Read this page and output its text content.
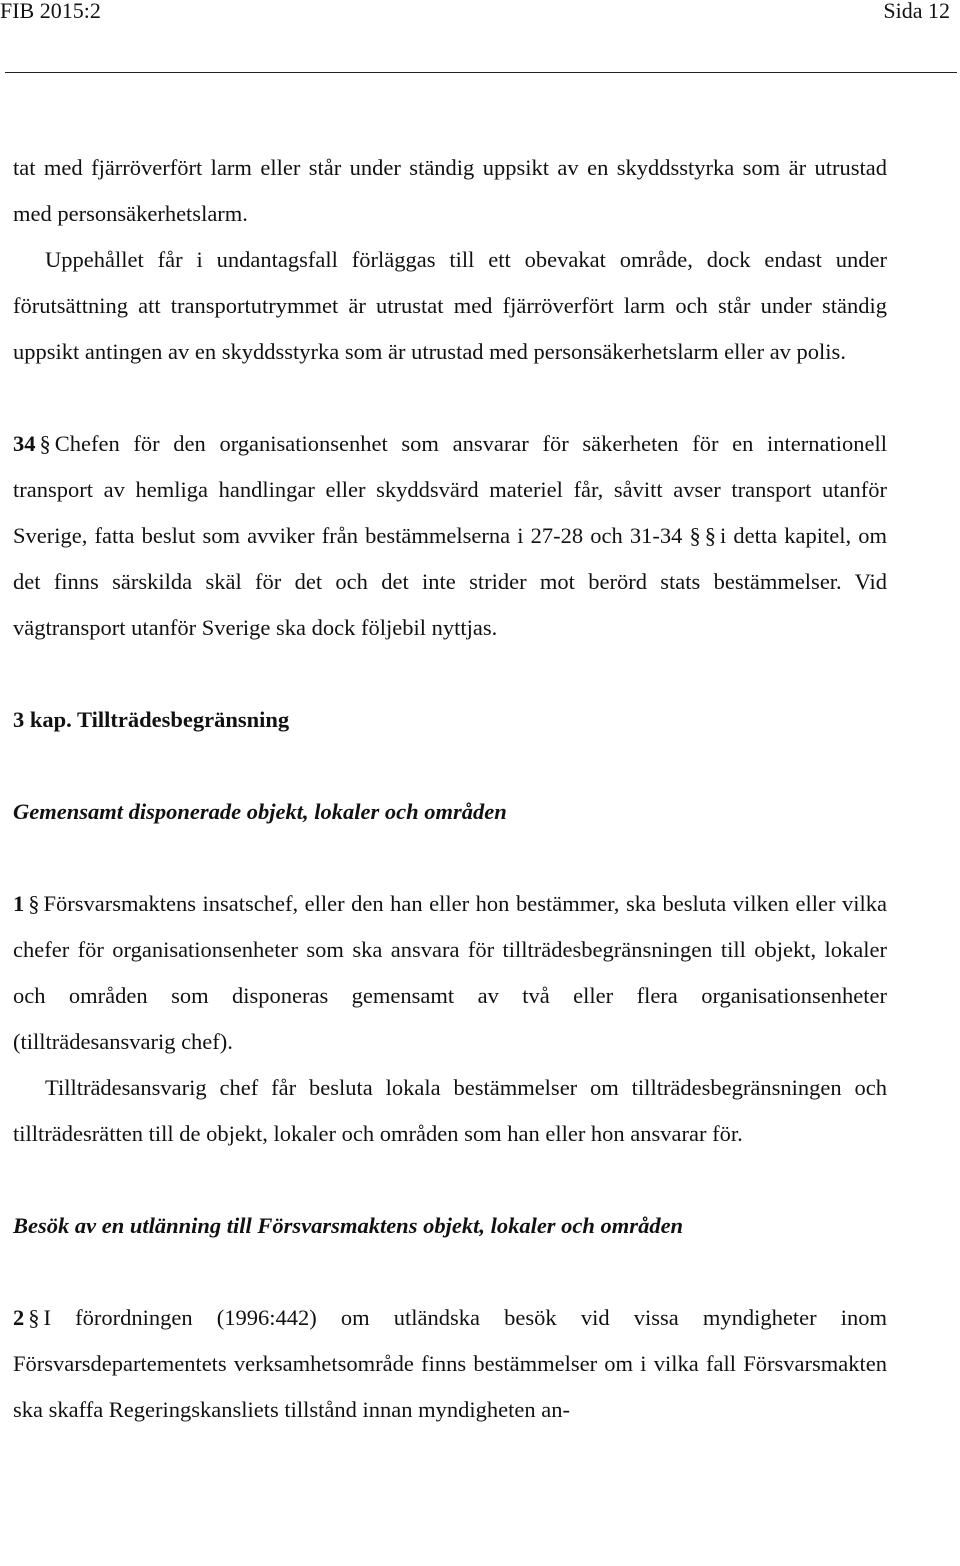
FIB 2015:2	Sida 12

tat med fjärröverfört larm eller står under ständig uppsikt av en skyddsstyrka som är utrustad med personsäkerhetslarm.

Uppehållet får i undantagsfall förläggas till ett obevakat område, dock endast under förutsättning att transportutrymmet är utrustat med fjärröverfört larm och står under ständig uppsikt antingen av en skyddsstyrka som är utrustad med personsäkerhetslarm eller av polis.

34 § Chefen för den organisationsenhet som ansvarar för säkerheten för en internationell transport av hemliga handlingar eller skyddsvärd materiel får, såvitt avser transport utanför Sverige, fatta beslut som avviker från bestämmelserna i 27-28 och 31-34 § § i detta kapitel, om det finns särskilda skäl för det och det inte strider mot berörd stats bestämmelser. Vid vägtransport utanför Sverige ska dock följebil nyttjas.

3 kap. Tillträdesbegränsning

Gemensamt disponerade objekt, lokaler och områden

1 § Försvarsmaktens insatschef, eller den han eller hon bestämmer, ska besluta vilken eller vilka chefer för organisationsenheter som ska ansvara för tillträdesbegränsningen till objekt, lokaler och områden som disponeras gemensamt av två eller flera organisationsenheter (tillträdesansvarig chef).

Tillträdesansvarig chef får besluta lokala bestämmelser om tillträdesbegränsningen och tillträdesrätten till de objekt, lokaler och områden som han eller hon ansvarar för.

Besök av en utlänning till Försvarsmaktens objekt, lokaler och områden

2 § I förordningen (1996:442) om utländska besök vid vissa myndigheter inom Försvarsdepartementets verksamhetsområde finns bestämmelser om i vilka fall Försvarsmakten ska skaffa Regeringskansliets tillstånd innan myndigheten an-
